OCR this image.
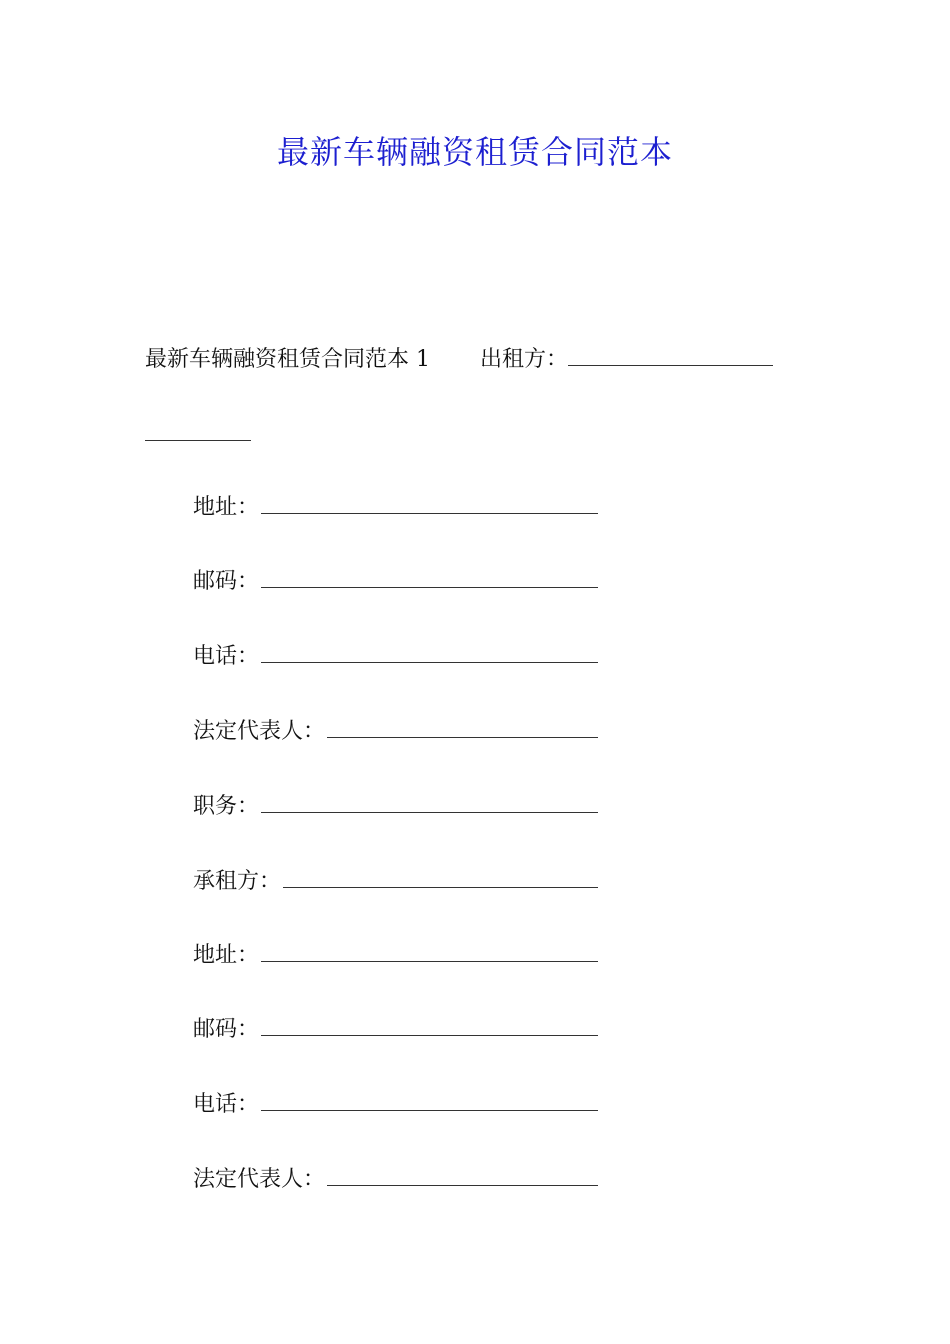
最新车辆融资租赁合同范本
最新车辆融资租赁合同范本 1 出租方：
地址：
邮码：
电话：
法定代表人：
职务：
承租方：
地址：
邮码：
电话：
法定代表人：
